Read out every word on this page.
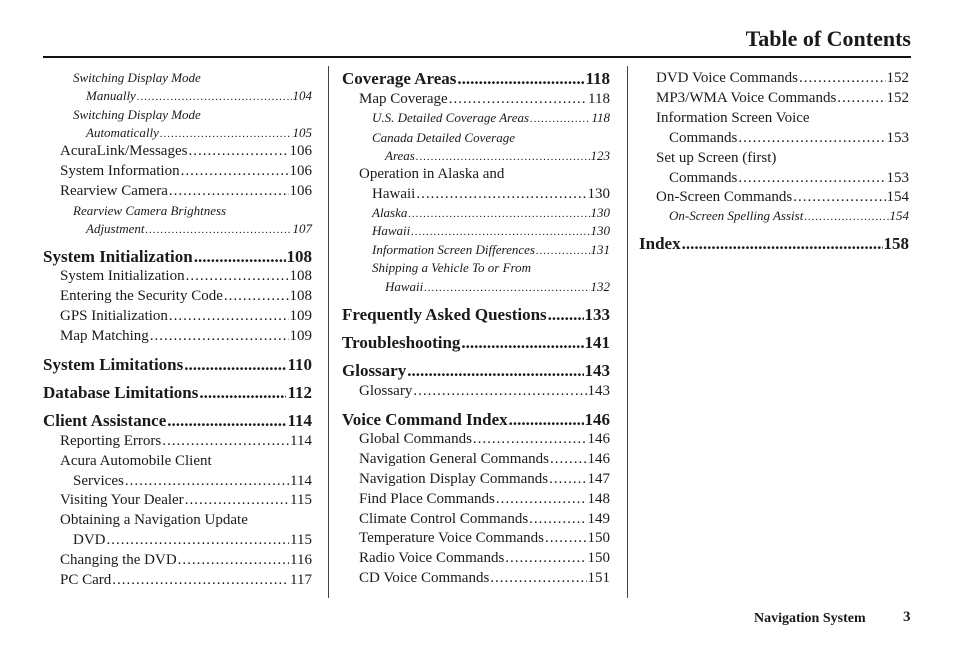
Table of Contents
Switching Display Mode
Manually .....	104
Switching Display Mode
Automatically .....	105
AcuraLink/Messages .....	106
System Information .....	106
Rearview Camera .....	106
Rearview Camera Brightness
Adjustment .....	107
System Initialization .....	108
System Initialization .....	108
Entering the Security Code .....	108
GPS Initialization .....	109
Map Matching .....	109
System Limitations .....	110
Database Limitations .....	112
Client Assistance .....	114
Reporting Errors .....	114
Acura Automobile Client
Services .....	114
Visiting Your Dealer .....	115
Obtaining a Navigation Update
DVD .....	115
Changing the DVD .....	116
PC Card .....	117
Coverage Areas .....	118
Map Coverage .....	118
U.S. Detailed Coverage Areas .....	118
Canada Detailed Coverage
Areas .....	123
Operation in Alaska and
Hawaii .....	130
Alaska .....	130
Hawaii .....	130
Information Screen Differences .....	131
Shipping a Vehicle To or From
Hawaii .....	132
Frequently Asked Questions ..... 133
Troubleshooting .....	141
Glossary .....	143
Glossary .....	143
Voice Command Index .....	146
Global Commands .....	146
Navigation General Commands .....	146
Navigation Display Commands .....	147
Find Place Commands .....	148
Climate Control Commands .....	149
Temperature Voice Commands .....	150
Radio Voice Commands .....	150
CD Voice Commands .....	151
DVD Voice Commands .....	152
MP3/WMA Voice Commands .....	152
Information Screen Voice
Commands .....	153
Set up Screen (first)
Commands .....	153
On-Screen Commands .....	154
On-Screen Spelling Assist .....	154
Index .....	158
Navigation System 3
